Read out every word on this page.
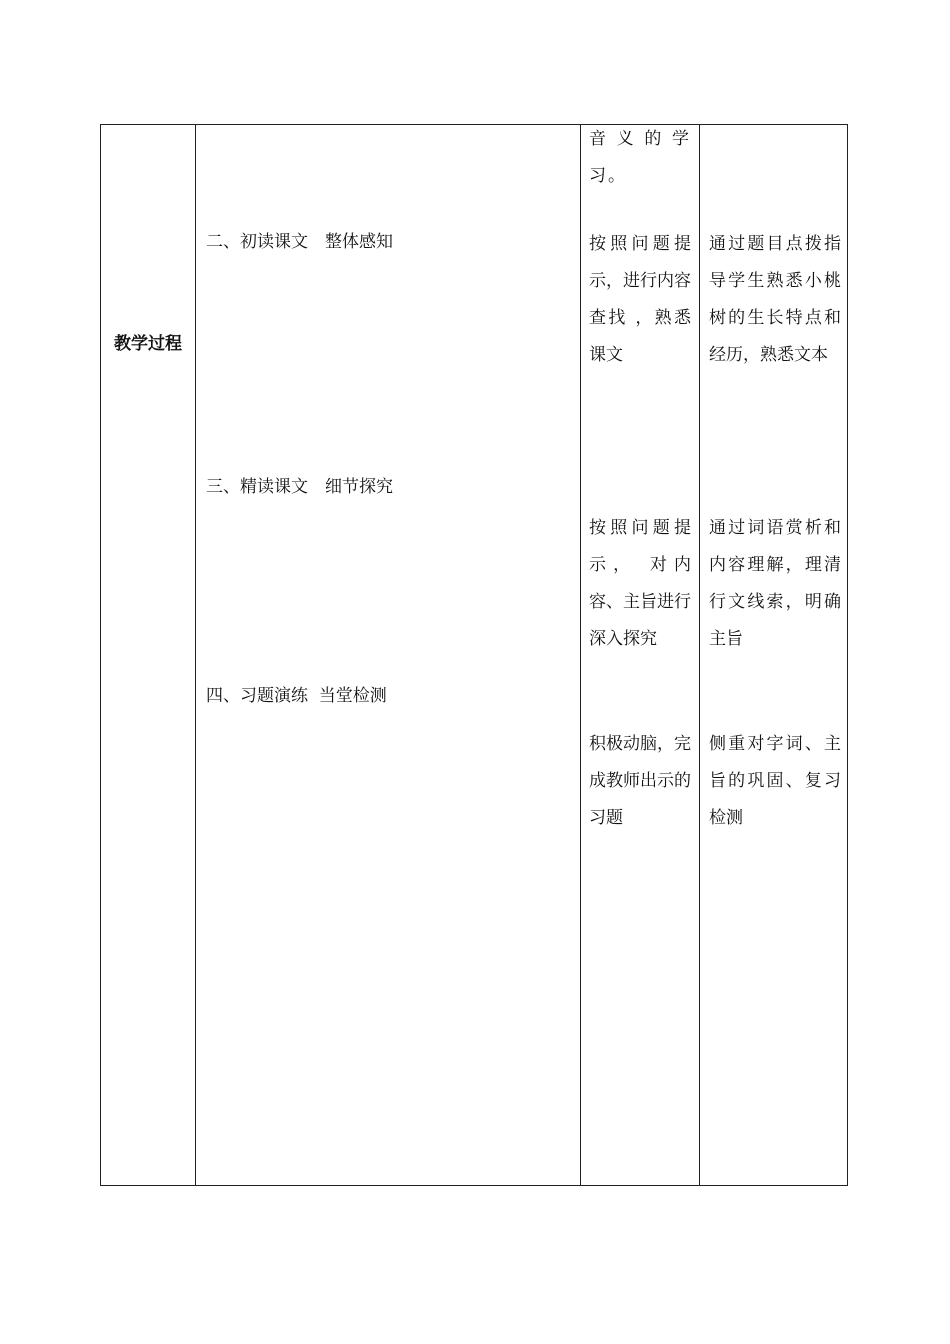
教学过程
二、初读课文　整体感知
三、精读课文　细节探究
四、习题演练  当堂检测
音义的学习。
按照问题提示，进行内容查找 ，熟悉课文
按照问题提示， 对内容、主旨进行深入探究
积极动脑，完成教师出示的习题
通过题目点拨指导学生熟悉小桃树的生长特点和经历，熟悉文本
通过词语赏析和内容理解，理清行文线索，明确主旨
侧重对字词、主旨的巩固、复习检测
